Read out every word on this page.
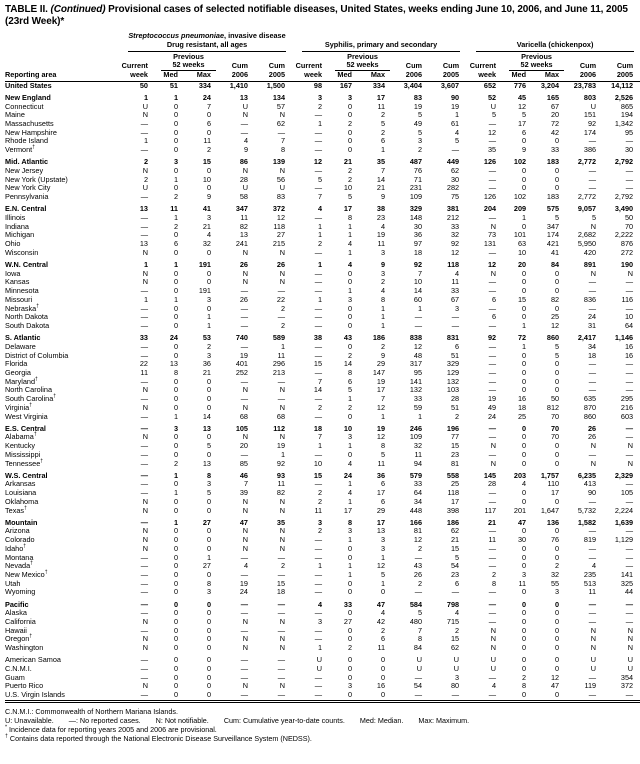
TABLE II. (Continued) Provisional cases of selected notifiable diseases, United States, weeks ending June 10, 2006, and June 11, 2005
(23rd Week)*

	Streptococcus pneumoniae, invasive disease
Drug resistant, all ages					Syphilis, primary and secondary					Varicella (chickenpox)				

		Previous					Previous					Previous			
	Current	52 weeks		Cum	Cum	Current	52 weeks		Cum	Cum	Current	52 weeks		Cum	Cum
Reporting area	week	Med	Max	2006	2005	week	Med	Max	2006	2005	week	Med	Max	2006	2005
United States	50	51	334	1,410	1,500	98	167	334	3,404	3,607	652	776	3,204	23,783	14,112

New England	1	1	24	13	134	3	3	17	83	90	52	45	165	803	2,526
Connecticut	U	0	7	U	57	2	0	11	19	19	U	12	67	U	865
Maine	N	0	0	N	N	—	0	2	5	1	5	5	20	151	194
Massachusetts	—	0	6	—	62	1	2	5	49	61	—	17	72	92	1,342
New Hampshire	—	0	0	—	—	—	0	2	5	4	12	6	42	174	95
Rhode Island	1	0	11	4	7	—	0	6	3	5	—	0	0	—	—
Vermont†	—	0	2	9	8	—	0	1	2	—	35	9	33	386	30

Mid. Atlantic	2	3	15	86	139	12	21	35	487	449	126	102	183	2,772	2,792
New Jersey	N	0	0	N	N	—	2	7	76	62	—	0	0	—	—
New York (Upstate)	2	1	10	28	56	5	2	14	71	30	—	0	0	—	—
New York City	U	0	0	U	U	—	10	21	231	282	—	0	0	—	—
Pennsylvania	—	2	9	58	83	7	5	9	109	75	126	102	183	2,772	2,792

E.N. Central	13	11	41	347	372	4	17	38	329	381	204	209	575	9,057	3,490
Illinois	—	1	3	11	12	—	8	23	148	212	—	1	5	5	50
Indiana	—	2	21	82	118	1	1	4	30	33	N	0	347	N	70
Michigan	—	0	4	13	27	1	1	19	36	32	73	101	174	2,682	2,222
Ohio	13	6	32	241	215	2	4	11	97	92	131	63	421	5,950	876
Wisconsin	N	0	0	N	N	—	1	3	18	12	—	10	41	420	272

W.N. Central	1	1	191	26	26	1	4	9	92	118	12	20	84	891	190
Iowa	N	0	0	N	N	—	0	3	7	4	N	0	0	N	N
Kansas	N	0	0	N	N	—	0	2	10	11	—	0	0	—	—
Minnesota	—	0	191	—	—	—	1	4	14	33	—	0	0	—	—
Missouri	1	1	3	26	22	1	3	8	60	67	6	15	82	836	116
Nebraska†	—	0	0	—	2	—	0	1	1	3	—	0	0	—	—
North Dakota	—	0	1	—	—	—	0	1	—	—	6	0	25	24	10
South Dakota	—	0	1	—	2	—	0	1	—	—	—	1	12	31	64

S. Atlantic	33	24	53	740	589	38	43	186	838	831	92	72	860	2,417	1,146
Delaware	—	0	2	—	1	—	0	2	12	6	—	1	5	34	16
District of Columbia	—	0	3	19	11	—	2	9	48	51	—	0	5	18	16
Florida	22	13	36	401	296	15	14	29	317	329	—	0	0	—	—
Georgia	11	8	21	252	213	—	8	147	95	129	—	0	0	—	—
Maryland†	—	0	0	—	—	7	6	19	141	132	—	0	0	—	—
North Carolina	N	0	0	N	N	14	5	17	132	103	—	0	0	—	—
South Carolina†	—	0	0	—	—	—	1	7	33	28	19	16	50	635	295
Virginia†	N	0	0	N	N	2	2	12	59	51	49	18	812	870	216
West Virginia	—	1	14	68	68	—	0	1	1	2	24	25	70	860	603

E.S. Central	—	3	13	105	112	18	10	19	246	196	—	0	70	26	—
Alabama†	N	0	0	N	N	7	3	12	109	77	—	0	70	26	—
Kentucky	—	0	5	20	19	1	1	8	32	15	N	0	0	N	N
Mississippi	—	0	0	—	1	—	0	5	11	23	—	0	0	—	—
Tennessee†	—	2	13	85	92	10	4	11	94	81	N	0	0	N	N

W.S. Central	—	1	8	46	93	15	24	36	579	558	145	203	1,757	6,235	2,329
Arkansas	—	0	3	7	11	—	1	6	33	25	28	4	110	413	—
Louisiana	—	1	5	39	82	2	4	17	64	118	—	0	17	90	105
Oklahoma	N	0	0	N	N	2	1	6	34	17	—	0	0	—	—
Texas†	N	0	0	N	N	11	17	29	448	398	117	201	1,647	5,732	2,224

Mountain	—	1	27	47	35	3	8	17	166	186	21	47	136	1,582	1,639
Arizona	N	0	0	N	N	2	3	13	81	62	—	0	0	—	—
Colorado	N	0	0	N	N	—	1	3	12	21	11	30	76	819	1,129
Idaho†	N	0	0	N	N	—	0	3	2	15	—	0	0	—	—
Montana	—	0	1	—	—	—	0	1	—	5	—	0	0	—	—
Nevada†	—	0	27	4	2	1	1	12	43	54	—	0	2	4	—
New Mexico†	—	0	0	—	—	—	1	5	26	23	2	3	32	235	141
Utah	—	0	8	19	15	—	0	1	2	6	8	11	55	513	325
Wyoming	—	0	3	24	18	—	0	0	—	—	—	0	3	11	44

Pacific	—	0	0	—	—	4	33	47	584	798	—	0	0	—	—
Alaska	—	0	0	—	—	—	0	4	5	4	—	0	0	—	—
California	N	0	0	N	N	3	27	42	480	715	—	0	0	—	—
Hawaii	—	0	0	—	—	—	0	2	7	2	N	0	0	N	N
Oregon†	N	0	0	N	N	—	0	6	8	15	N	0	0	N	N
Washington	N	0	0	N	N	1	2	11	84	62	N	0	0	N	N

American Samoa	—	0	0	—	—	U	0	0	U	U	U	0	0	U	U
C.N.M.I.	—	0	0	—	—	U	0	0	U	U	U	0	0	U	U
Guam	—	0	0	—	—	—	0	0	—	3	—	2	12	—	354
Puerto Rico	N	0	0	N	N	—	3	16	54	80	4	8	47	119	372
U.S. Virgin Islands	—	0	0	—	—	—	0	0	—	—	—	0	0	—	—

C.N.M.I.: Commonwealth of Northern Mariana Islands.
U: Unavailable. —: No reported cases. N: Not notifiable. Cum: Cumulative year-to-date counts. Med: Median. Max: Maximum.
* Incidence data for reporting years 2005 and 2006 are provisional.
† Contains data reported through the National Electronic Disease Surveillance System (NEDSS).
